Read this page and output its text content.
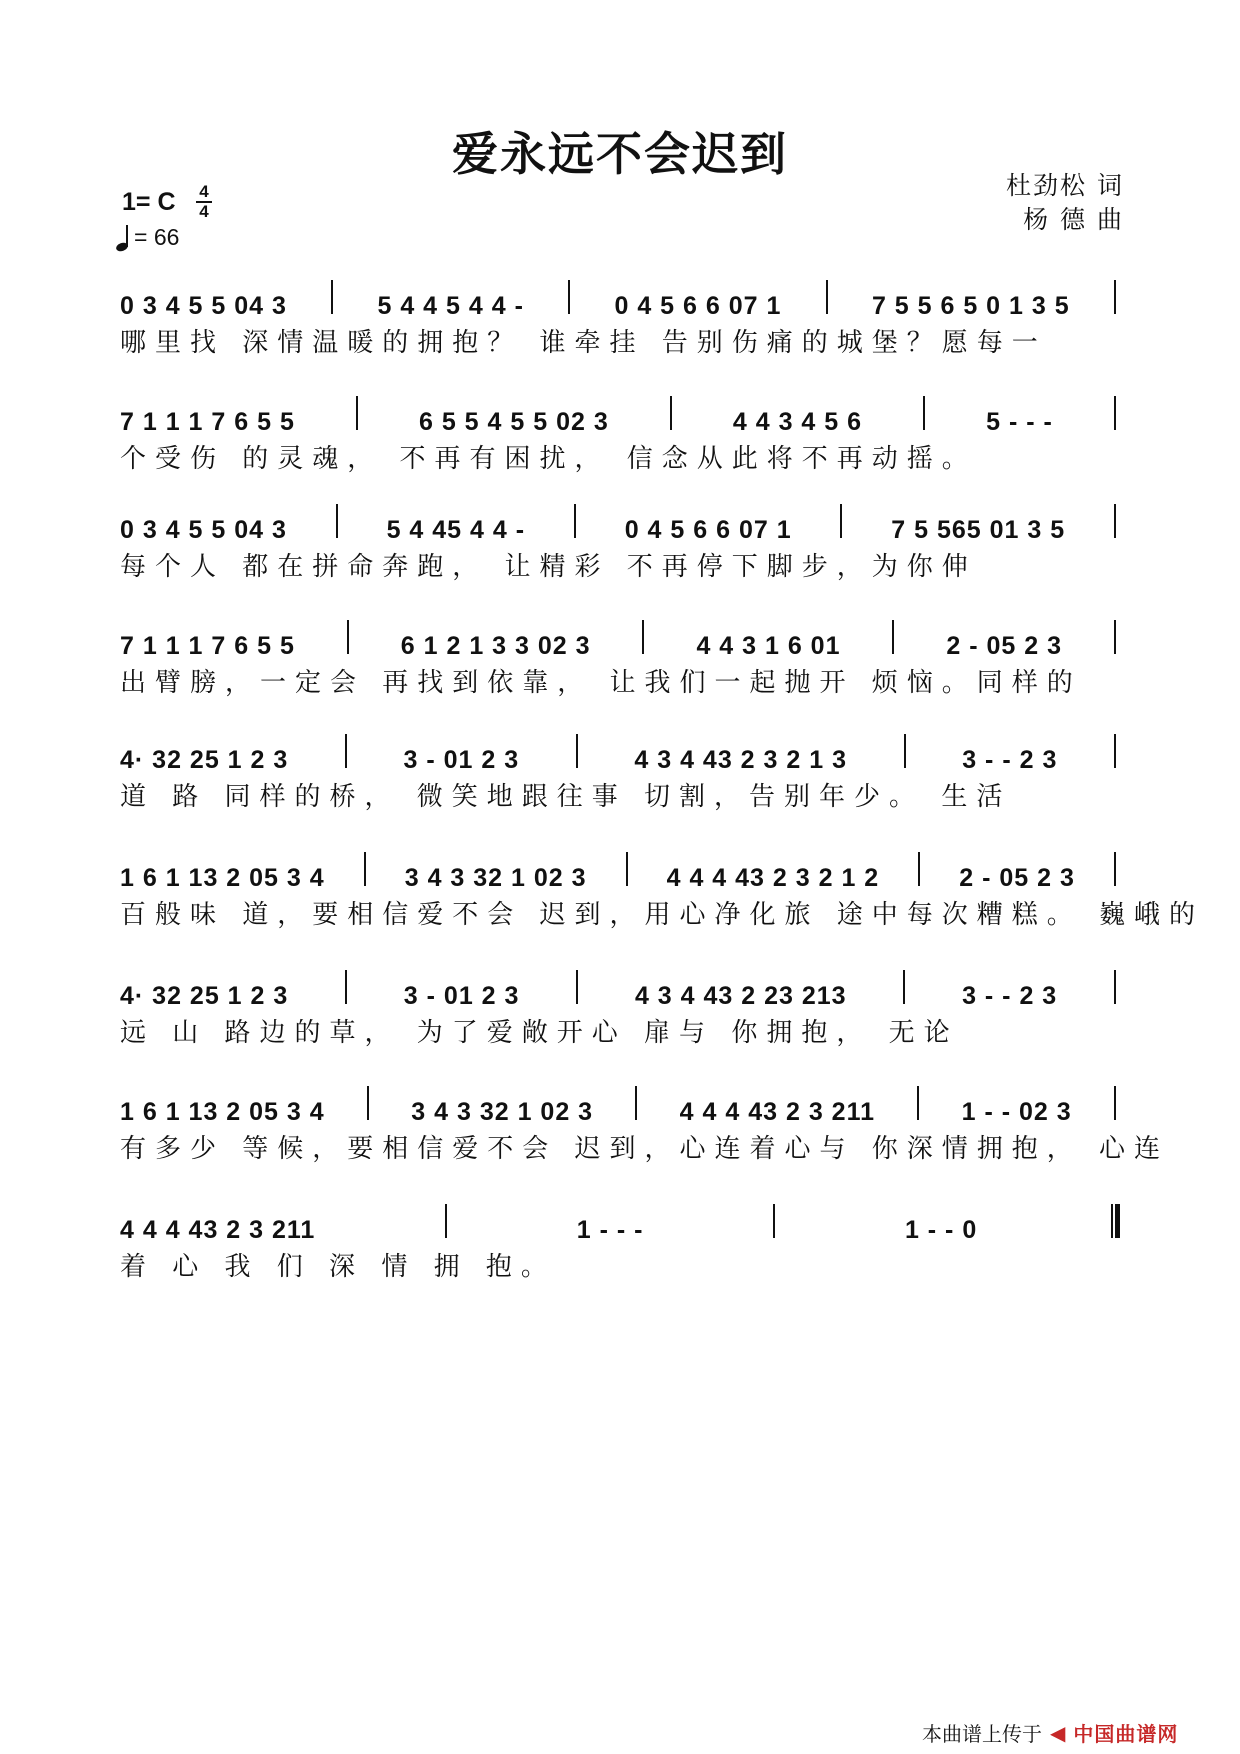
爱永远不会迟到
杜劲松 词
杨 德 曲
1= C 4
4
= 66
0 3 4 5 5 04 3	5 4 4 5 4 4 -	0 4 5 6 6 07 1	7 5 5 6 5 0 1 3 5
哪里找 深情温暖的拥抱？ 谁牵挂 告别伤痛的城堡？愿每一
7 1 1 1 7 6 5 5	6 5 5 4 5 5 02 3	4 4 3 4 5 6	5 - - -
个受伤 的灵魂， 不再有困扰， 信念从此将不再动摇。
0 3 4 5 5 04 3	5 4 45 4 4 -	0 4 5 6 6 07 1	7 5 565 01 3 5
每个人 都在拼命奔跑， 让精彩 不再停下脚步，为你伸
7 1 1 1 7 6 5 5	6 1 2 1 3 3 02 3	4 4 3 1 6 01	2 - 05 2 3
出臂膀，一定会 再找到依靠， 让我们一起抛开 烦恼。同样的
4· 32 25 1 2 3	3 - 01 2 3	4 3 4 43 2 3 2 1 3	3 - - 2 3
道 路 同样的桥， 微笑地跟往事 切割，告别年少。 生活
1 6 1 13 2 05 3 4	3 4 3 32 1 02 3	4 4 4 43 2 3 2 1 2	2 - 05 2 3
百般味 道，要相信爱不会 迟到，用心净化旅 途中每次糟糕。 巍峨的
4· 32 25 1 2 3	3 - 01 2 3	4 3 4 43 2 23 213	3 - - 2 3
远 山 路边的草， 为了爱敞开心 扉与 你拥抱， 无论
1 6 1 13 2 05 3 4	3 4 3 32 1 02 3	4 4 4 43 2 3 211	1 - - 02 3
有多少 等候，要相信爱不会 迟到，心连着心与 你深情拥抱， 心连
4 4 4 43 2 3 211	1 - - -	1 - - 0
着 心 我 们 深 情 拥 抱。
本曲谱上传于 ◀ 中国曲谱网
